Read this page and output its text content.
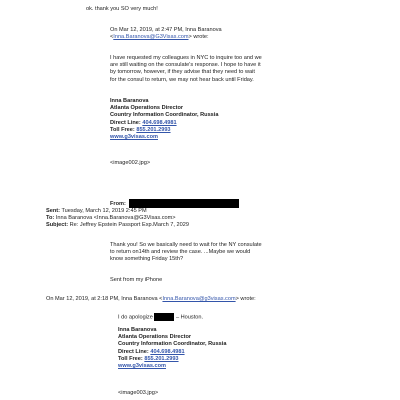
ok. thank you SO very much!
On Mar 12, 2019, at 2:47 PM, Inna Baranova
<Inna.Baranova@G3Visas.com> wrote:
I have requested my colleagues in NYC to inquire too and we
are still waiting on the consulate's response. I hope to have it
by tomorrow, however, if they advise that they need to wait
for the consul to return, we may not hear back until Friday.
Inna Baranova
Atlanta Operations Director
Country Information Coordinator, Russia
Direct Line: 404.698.4981
Toll Free: 855.201.2993
www.g3visas.com
<image002.jpg>
From:
Sent: Tuesday, March 12, 2019 2:45 PM
To: Inna Baranova <Inna.Baranova@G3Visas.com>
Subject: Re: Jeffrey Epstein Passport Exp.March 7, 2029
Thank you! So we basically need to wait for the NY consulate
to return on14th and review the case. ...Maybe we would
know something Friday 15th?
Sent from my iPhone
On Mar 12, 2019, at 2:18 PM, Inna Baranova <Inna.Baranova@g3visas.com> wrote:
I do apologize	– Houston.
Inna Baranova
Atlanta Operations Director
Country Information Coordinator, Russia
Direct Line: 404.698.4981
Toll Free: 855.201.2993
www.g3visas.com
<image003.jpg>
